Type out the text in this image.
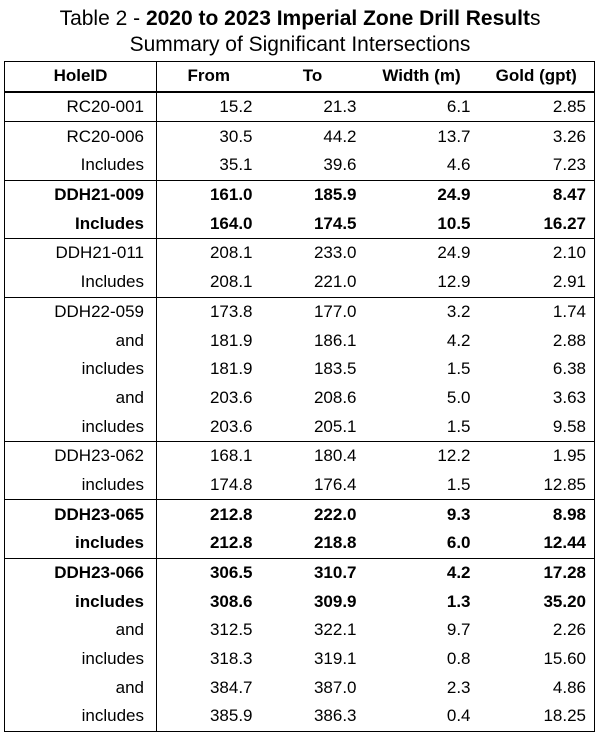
Table 2 - 2020 to 2023 Imperial Zone Drill Results
Summary of Significant Intersections
HoleID	From	To	Width (m)	Gold (gpt)
RC20-001	15.2	21.3	6.1	2.85
RC20-006	30.5	44.2	13.7	3.26
Includes	35.1	39.6	4.6	7.23
DDH21-009	161.0	185.9	24.9	8.47
Includes	164.0	174.5	10.5	16.27
DDH21-011	208.1	233.0	24.9	2.10
Includes	208.1	221.0	12.9	2.91
DDH22-059	173.8	177.0	3.2	1.74
and	181.9	186.1	4.2	2.88
includes	181.9	183.5	1.5	6.38
and	203.6	208.6	5.0	3.63
includes	203.6	205.1	1.5	9.58
DDH23-062	168.1	180.4	12.2	1.95
includes	174.8	176.4	1.5	12.85
DDH23-065	212.8	222.0	9.3	8.98
includes	212.8	218.8	6.0	12.44
DDH23-066	306.5	310.7	4.2	17.28
includes	308.6	309.9	1.3	35.20
and	312.5	322.1	9.7	2.26
includes	318.3	319.1	0.8	15.60
and	384.7	387.0	2.3	4.86
includes	385.9	386.3	0.4	18.25
